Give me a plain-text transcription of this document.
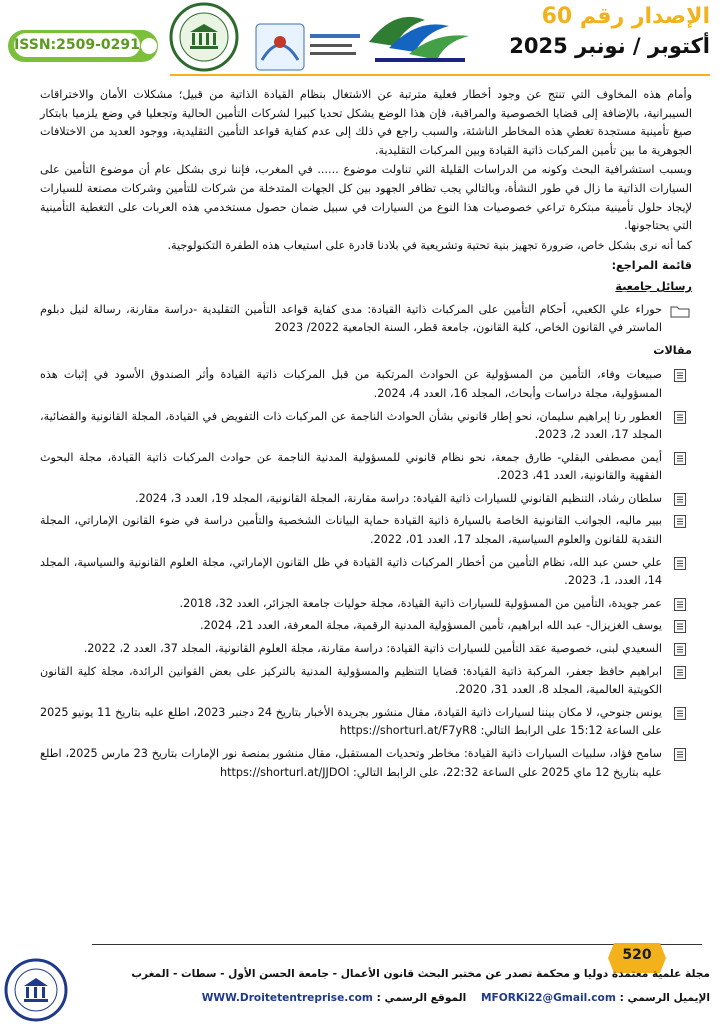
ISSN:2509-0291
الإصدار رقم 60
أكتوبر / نونبر 2025

وأمام هذه المخاوف التي تنتج عن وجود أخطار فعلية مترتبة عن الاشتغال بنظام القيادة الذاتية من قبيل؛ مشكلات الأمان والاختراقات السيبرانية، بالإضافة إلى قضايا الخصوصية والمراقبة، فإن هذا الوضع يشكل تحديا كبيرا لشركات التأمين الحالية وتجعليا في وضع يلزميا بابتكار صيغ تأمينية مستجدة تغطي هذه المخاطر الناشئة، والسبب راجع في ذلك إلى عدم كفاية قواعد التأمين التقليدية، ووجود العديد من الاختلافات الجوهرية ما بين تأمين المركبات ذاتية القيادة وبين المركبات التقليدية.

وبسبب استشرافية البحث وكونه من الدراسات القليلة التي تناولت موضوع ...... في المغرب، فإننا نرى بشكل عام أن موضوع التأمين على السيارات الذاتية ما زال في طور النشأة، وبالتالي يجب تظافر الجهود بين كل الجهات المتدخلة من شركات للتأمين وشركات مصنعة للسيارات لإيجاد حلول تأمينية مبتكرة تراعي خصوصيات هذا النوع من السيارات في سبيل ضمان حصول مستخدمي هذه العربات على التغطية التأمينية التي يحتاجونها.

كما أنه نرى بشكل خاص، ضرورة تجهيز بنية تحتية وتشريعية في بلادنا قادرة على استيعاب هذه الطفرة التكنولوجية.

قائمة المراجع:
رسائل جامعية
حوراء علي الكعبي، أحكام التأمين على المركبات ذاتية القيادة: مدى كفاية قواعد التأمين التقليدية -دراسة مقارنة، رسالة لنيل دبلوم الماستر في القانون الخاص، كلية القانون، جامعة قطر، السنة الجامعية 2022/ 2023
مقالات
صبيعات وفاء، التأمين من المسؤولية عن الحوادث المرتكبة من قبل المركبات ذاتية القيادة وأثر الصندوق الأسود في إثبات هذه المسؤولية، مجلة دراسات وأبحاث، المجلد 16، العدد 4، 2024.
العطور رنا إبراهيم سليمان، نحو إطار قانوني بشأن الحوادث الناجمة عن المركبات ذات التفويض في القيادة، المجلة القانونية والقضائية، المجلد 17، العدد 2، 2023.
أيمن مصطفى البقلي- طارق جمعة، نحو نظام قانوني للمسؤولية المدنية الناجمة عن حوادث المركبات ذاتية القيادة، مجلة البحوث الفقهية والقانونية، العدد 41، 2023.
سلطان رشاد، التنظيم القانوني للسيارات ذاتية القيادة: دراسة مقارنة، المجلة القانونية، المجلد 19، العدد 3، 2024.
بيير ماليه، الجوانب القانونية الخاصة بالسيارة ذاتية القيادة حماية البيانات الشخصية والتأمين دراسة في ضوء القانون الإماراتي، المجلة النقدية للقانون والعلوم السياسية، المجلد 17، العدد 01، 2022.
علي حسن عبد الله، نظام التأمين من أخطار المركبات ذاتية القيادة في ظل القانون الإماراتي، مجلة العلوم القانونية والسياسية، المجلد 14، العدد، 1، 2023.
عمر جويدة، التأمين من المسؤولية للسيارات ذاتية القيادة، مجلة حوليات جامعة الجزائر، العدد 32، 2018.
يوسف الغزيزال- عبد الله ابراهيم، تأمين المسؤولية المدنية الرقمية، مجلة المعرفة، العدد 21، 2024.
السعيدي لبنى، خصوصية عقد التأمين للسيارات ذاتية القيادة: دراسة مقارنة، مجلة العلوم القانونية، المجلد 37، العدد 2، 2022.
ابراهيم حافظ جعفر، المركبة ذاتية القيادة: قضايا التنظيم والمسؤولية المدنية بالتركيز على بعض القوانين الرائدة، مجلة كلية القانون الكويتية العالمية، المجلد 8، العدد 31، 2020.
يونس جنوحي، لا مكان بيننا لسيارات ذاتية القيادة، مقال منشور بجريدة الأخبار بتاريخ 24 دجنبر 2023، اطلع عليه بتاريخ 11 يونيو 2025 على الساعة 15:12 على الرابط التالي: https://shorturl.at/F7yR8
سامح فؤاد، سلبيات السيارات ذاتية القيادة: مخاطر وتحديات المستقبل، مقال منشور بمنصة نور الإمارات بتاريخ 23 مارس 2025، اطلع عليه بتاريخ 12 ماي 2025 على الساعة 22:32، على الرابط التالي: https://shorturl.at/JJDOl
520
مجلة علمية معتمدة دوليا و محكمة تصدر عن مختبر البحث قانون الأعمال - جامعة الحسن الأول - سطات - المغرب
الإيميل الرسمي : MFORKi22@Gmail.com    الموقع الرسمي : WWW.Droitetentreprise.com
